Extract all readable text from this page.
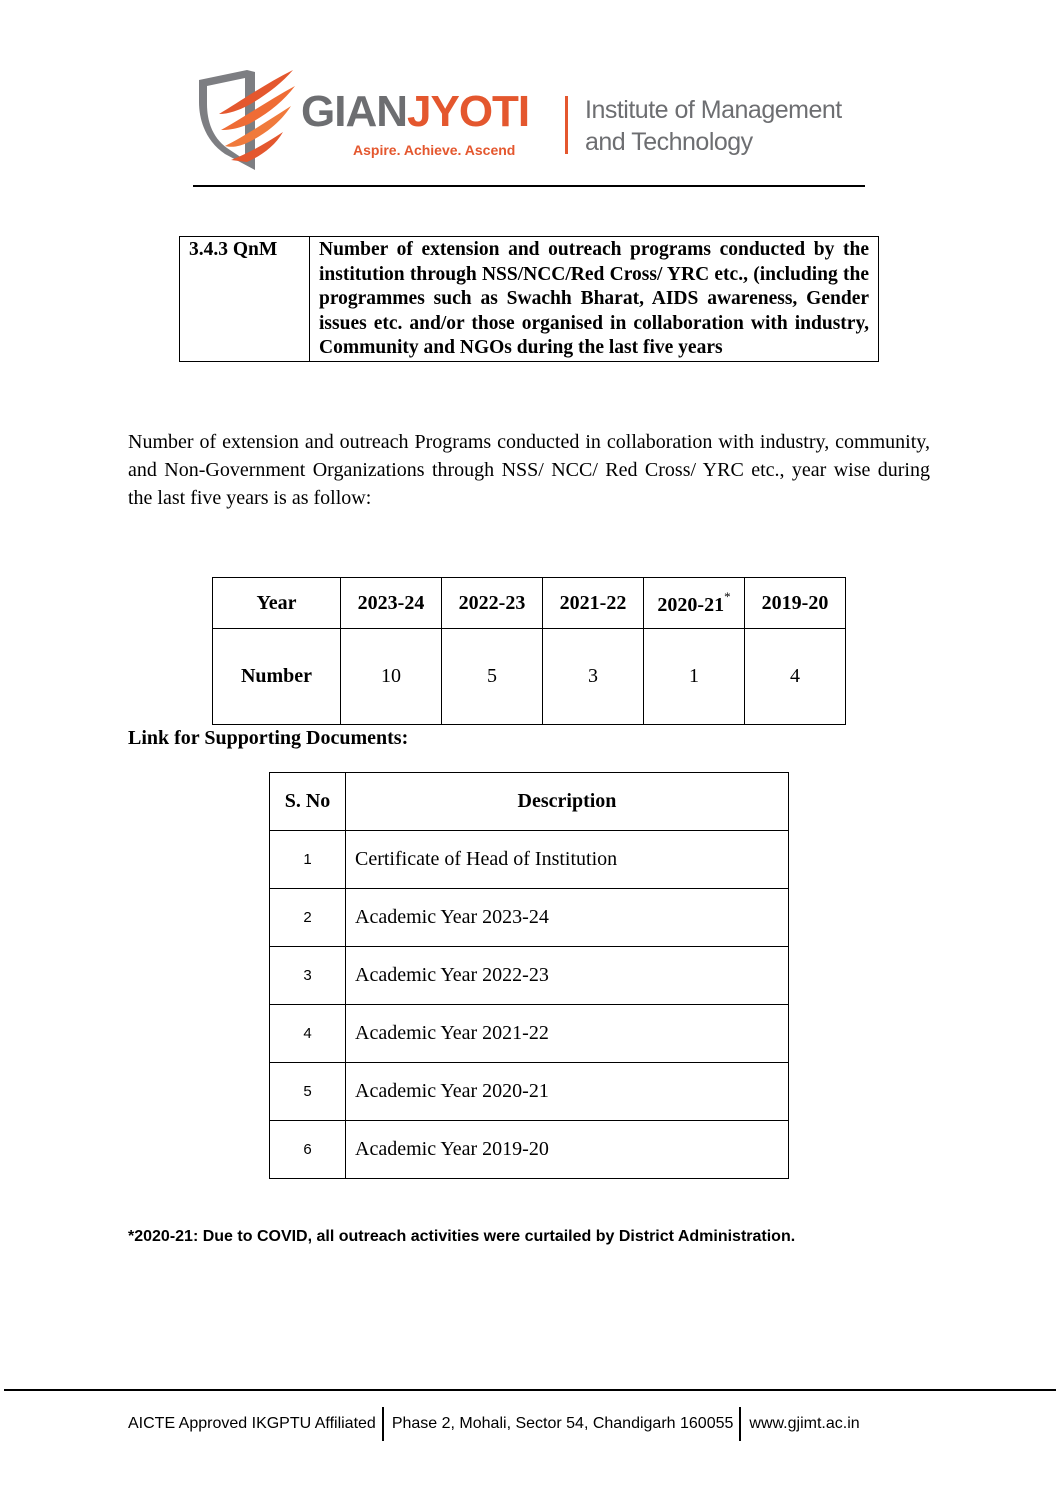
GIANJYOTI
Aspire. Achieve. Ascend
Institute of Management
and Technology
3.4.3 QnM	Number of extension and outreach programs conducted by the institution through NSS/NCC/Red Cross/ YRC etc., (including the programmes such as Swachh Bharat, AIDS awareness, Gender issues etc. and/or those organised in collaboration with industry, Community and NGOs during the last five years

Number of extension and outreach Programs conducted in collaboration with industry, community, and Non-Government Organizations through NSS/ NCC/ Red Cross/ YRC etc., year wise during the last five years is as follow:

Year	2023-24	2022-23	2021-22	2020-21*	2019-20
Number	10	5	3	1	4

Link for Supporting Documents:

S. No	Description
1	Certificate of Head of Institution
2	Academic Year 2023-24
3	Academic Year 2022-23
4	Academic Year 2021-22
5	Academic Year 2020-21
6	Academic Year 2019-20

*2020-21: Due to COVID, all outreach activities were curtailed by District Administration.

AICTE Approved IKGPTU Affiliated Phase 2, Mohali, Sector 54, Chandigarh 160055 www.gjimt.ac.in
